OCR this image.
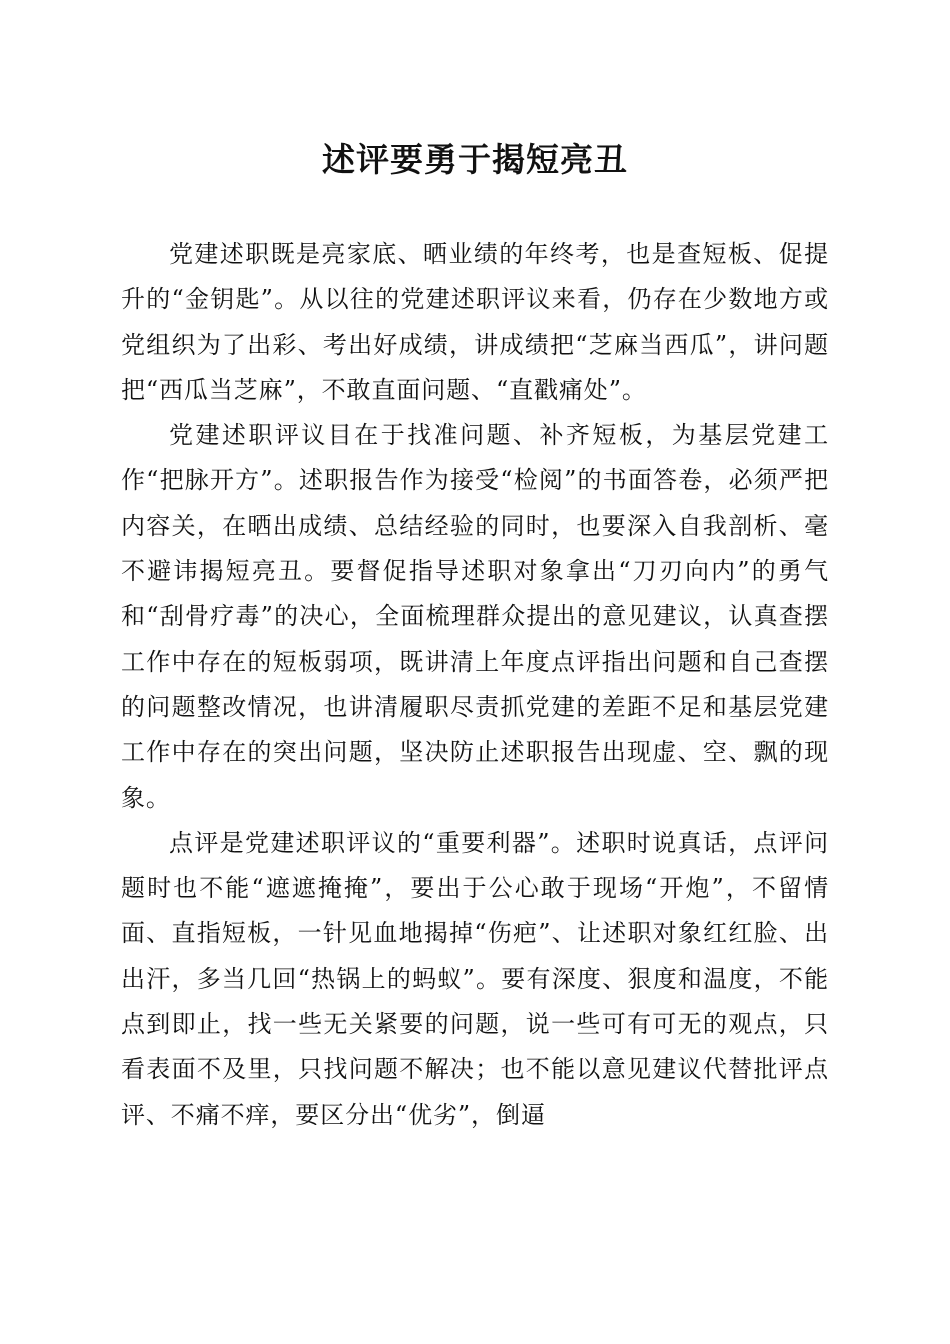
述评要勇于揭短亮丑

党建述职既是亮家底、晒业绩的年终考，也是查短板、促提升的“金钥匙”。从以往的党建述职评议来看，仍存在少数地方或党组织为了出彩、考出好成绩，讲成绩把“芝麻当西瓜”，讲问题把“西瓜当芝麻”，不敢直面问题、“直戳痛处”。

党建述职评议目在于找准问题、补齐短板，为基层党建工作“把脉开方”。述职报告作为接受“检阅”的书面答卷，必须严把内容关，在晒出成绩、总结经验的同时，也要深入自我剖析、毫不避讳揭短亮丑。要督促指导述职对象拿出“刀刃向内”的勇气和“刮骨疗毒”的决心，全面梳理群众提出的意见建议，认真查摆工作中存在的短板弱项，既讲清上年度点评指出问题和自己查摆的问题整改情况，也讲清履职尽责抓党建的差距不足和基层党建工作中存在的突出问题，坚决防止述职报告出现虚、空、飘的现象。

点评是党建述职评议的“重要利器”。述职时说真话，点评问题时也不能“遮遮掩掩”，要出于公心敢于现场“开炮”，不留情面、直指短板，一针见血地揭掉“伤疤”、让述职对象红红脸、出出汗，多当几回“热锅上的蚂蚁”。要有深度、狠度和温度，不能点到即止，找一些无关紧要的问题，说一些可有可无的观点，只看表面不及里，只找问题不解决；也不能以意见建议代替批评点评、不痛不痒，要区分出“优劣”，倒逼
